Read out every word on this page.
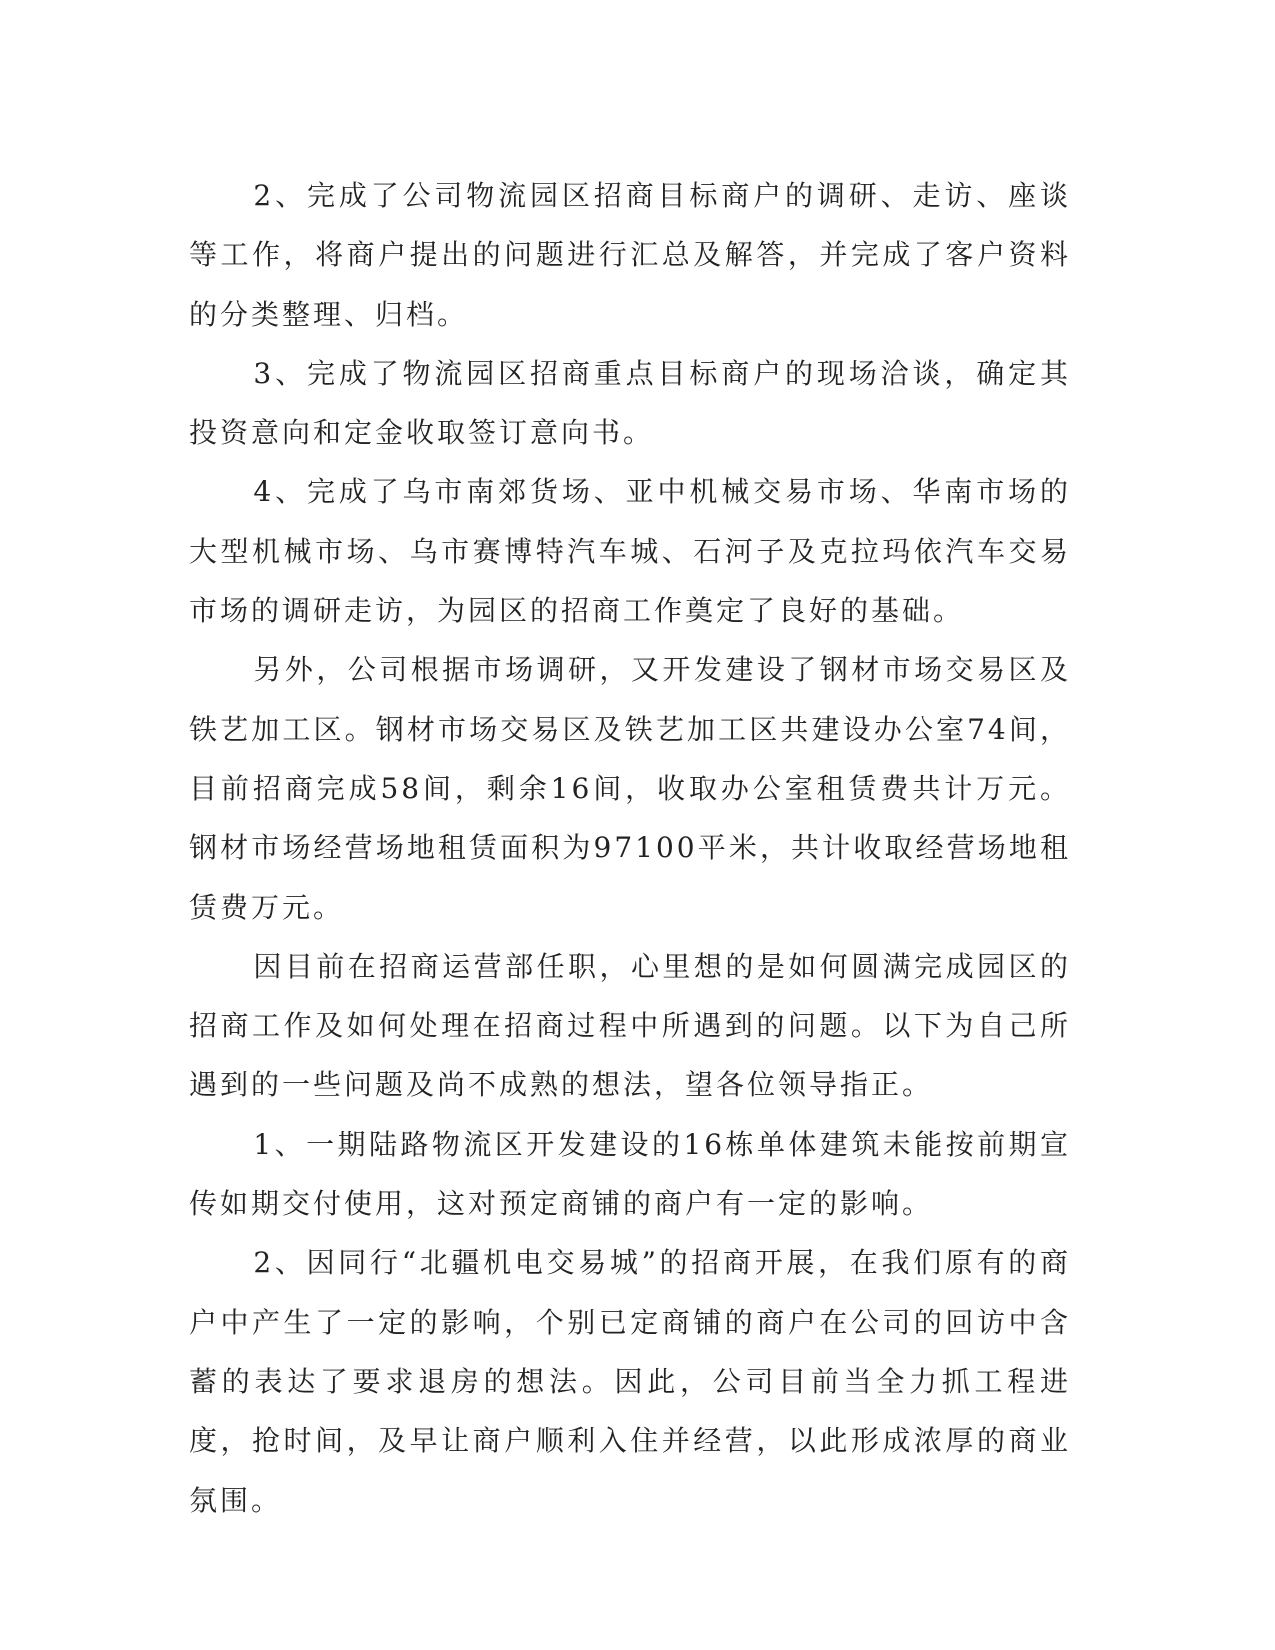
2、完成了公司物流园区招商目标商户的调研、走访、座谈等工作，将商户提出的问题进行汇总及解答，并完成了客户资料的分类整理、归档。

3、完成了物流园区招商重点目标商户的现场洽谈，确定其投资意向和定金收取签订意向书。

4、完成了乌市南郊货场、亚中机械交易市场、华南市场的大型机械市场、乌市赛博特汽车城、石河子及克拉玛依汽车交易市场的调研走访，为园区的招商工作奠定了良好的基础。

另外，公司根据市场调研，又开发建设了钢材市场交易区及铁艺加工区。钢材市场交易区及铁艺加工区共建设办公室74间，目前招商完成58间，剩余16间，收取办公室租赁费共计万元。钢材市场经营场地租赁面积为97100平米，共计收取经营场地租赁费万元。

因目前在招商运营部任职，心里想的是如何圆满完成园区的招商工作及如何处理在招商过程中所遇到的问题。以下为自己所遇到的一些问题及尚不成熟的想法，望各位领导指正。

1、一期陆路物流区开发建设的16栋单体建筑未能按前期宣传如期交付使用，这对预定商铺的商户有一定的影响。

2、因同行“北疆机电交易城”的招商开展，在我们原有的商户中产生了一定的影响，个别已定商铺的商户在公司的回访中含蓄的表达了要求退房的想法。因此，公司目前当全力抓工程进度，抢时间，及早让商户顺利入住并经营，以此形成浓厚的商业氛围。
